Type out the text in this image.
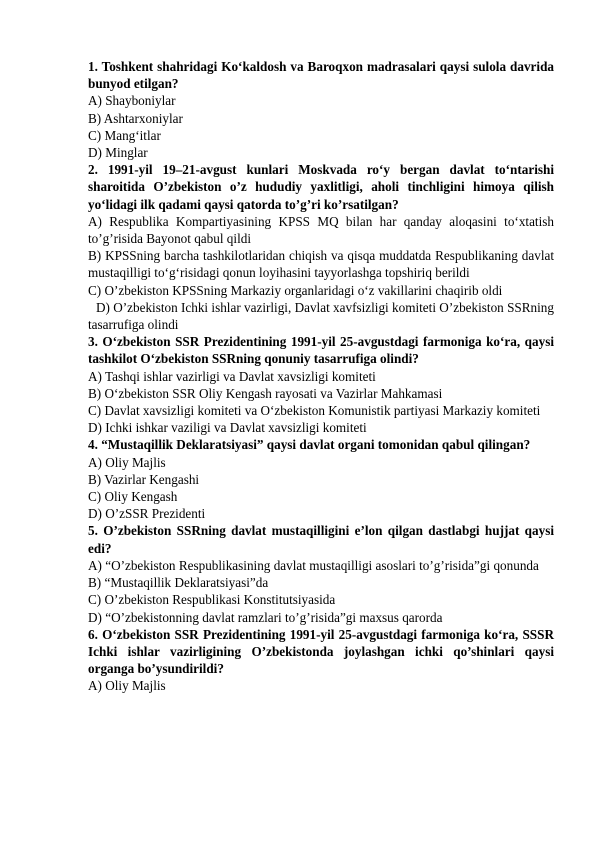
1. Toshkent shahridagi Ko‘kaldosh va Baroqxon madrasalari qaysi sulola davrida bunyod etilgan?
A) Shayboniylar
B) Ashtarxoniylar
C) Mang‘itlar
D) Minglar
2. 1991-yil 19–21-avgust kunlari Moskvada ro‘y bergan davlat to‘ntarishi sharoitida O’zbekiston o’z hududiy yaxlitligi, aholi tinchligini himoya qilish yo‘lidagi ilk qadami qaysi qatorda to’g’ri ko’rsatilgan?
A) Respublika Kompartiyasining KPSS MQ bilan har qanday aloqasini to‘xtatish to’g’risida Bayonot qabul qildi
B) KPSSning barcha tashkilotlaridan chiqish va qisqa muddatda Respublikaning davlat mustaqilligi to‘g‘risidagi qonun loyihasini tayyorlashga topshiriq berildi
C) O’zbekiston KPSSning Markaziy organlaridagi o‘z vakillarini chaqirib oldi
D) O’zbekiston Ichki ishlar vazirligi, Davlat xavfsizligi komiteti O’zbekiston SSRning tasarrufiga olindi
3. O‘zbekiston SSR Prezidentining 1991-yil 25-avgustdagi farmoniga ko‘ra, qaysi tashkilot O‘zbekiston SSRning qonuniy tasarrufiga olindi?
A) Tashqi ishlar vazirligi va Davlat xavsizligi komiteti
B) O‘zbekiston SSR Oliy Kengash rayosati va Vazirlar Mahkamasi
C) Davlat xavsizligi komiteti va O‘zbekiston Komunistik partiyasi Markaziy komiteti
D) Ichki ishkar vaziligi va Davlat xavsizligi komiteti
4. “Mustaqillik Deklaratsiyasi” qaysi davlat organi tomonidan qabul qilingan?
A) Oliy Majlis
B) Vazirlar Kengashi
C) Oliy Kengash
D) O’zSSR Prezidenti
5. O’zbekiston SSRning davlat mustaqilligini e’lon qilgan dastlabgi hujjat qaysi edi?
A) “O’zbekiston Respublikasining davlat mustaqilligi asoslari to’g’risida”gi qonunda
B) “Mustaqillik Deklaratsiyasi”da
C) O’zbekiston Respublikasi Konstitutsiyasida
D) “O’zbekistonning davlat ramzlari to’g’risida”gi maxsus qarorda
6. O‘zbekiston SSR Prezidentining 1991-yil 25-avgustdagi farmoniga ko‘ra, SSSR Ichki ishlar vazirligining O’zbekistonda joylashgan ichki qo’shinlari qaysi organga bo’ysundirildi?
A) Oliy Majlis
